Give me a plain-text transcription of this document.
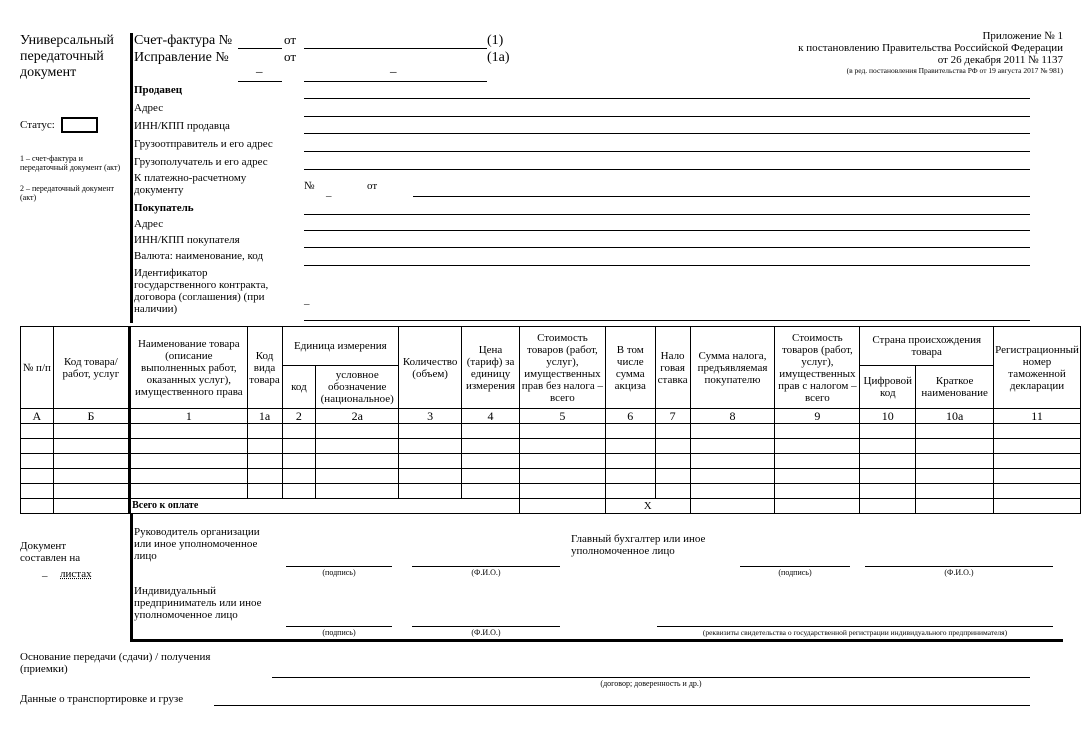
Универсальный передаточный документ
Статус:
1 – счет-фактура и передаточный документ (акт)
2 – передаточный документ (акт)
Счет-фактура №	от	(1)
Исправление №	от	(1а)
_	_
Приложение № 1
к постановлению Правительства Российской Федерации
от 26 декабря 2011 № 1137
(в ред. постановления Правительства РФ от 19 августа 2017 № 981)
Продавец
Адрес
ИНН/КПП продавца
Грузоотправитель и его адрес
Грузополучатель и его адрес
К платежно-расчетному документу	№ _	от
Покупатель
Адрес
ИНН/КПП покупателя
Валюта: наименование, код
Идентификатор государственного контракта, договора (соглашения) (при наличии)
_
№ п/п	Код товара/ работ, услуг	Наименование товара (описание выполненных работ, оказанных услуг), имущественного права	Код вида товара	Единица измерения		Количество (объем)	Цена (тариф) за единицу измерения	Стоимость товаров (работ, услуг), имущественных прав без налога – всего	В том числе сумма акциза	Нало говая ставка	Сумма налога, предъявляемая покупателю	Стоимость товаров (работ, услуг), имущественных прав с налогом – всего	Страна происхождения товара		Регистрационный номер таможенной декларации
				код	условное обозначение (национальное)								Цифровой код	Краткое наименование	
А	Б	1	1а	2	2а	3	4	5	6	7	8	9	10	10а	11

		Всего к оплате							X						
Документ составлен на
_ листах
Руководитель организации или иное уполномоченное лицо
(подпись)	(Ф.И.О.)
Главный бухгалтер или иное уполномоченное лицо
(подпись)	(Ф.И.О.)
Индивидуальный предприниматель или иное уполномоченное лицо
(подпись)	(Ф.И.О.)	(реквизиты свидетельства о государственной регистрации индивидуального предпринимателя)
Основание передачи (сдачи) / получения (приемки)
(договор; доверенность и др.)
Данные о транспортировке и грузе
